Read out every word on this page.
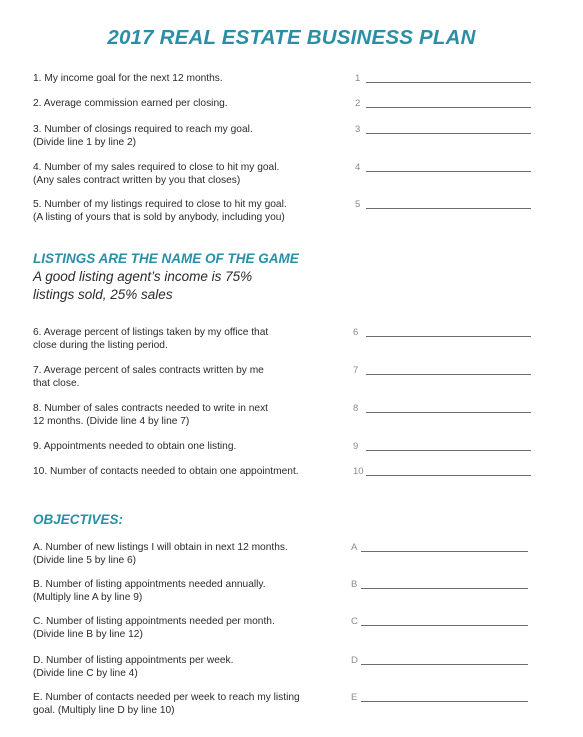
2017 REAL ESTATE BUSINESS PLAN
1. My income goal for the next 12 months.	1
2. Average commission earned per closing.	2
3. Number of closings required to reach my goal.
(Divide line 1 by line 2)
3
4. Number of my sales required to close to hit my goal.
(Any sales contract written by you that closes)
4
5. Number of my listings required to close to hit my goal.
(A listing of yours that is sold by anybody, including you)
5
LISTINGS ARE THE NAME OF THE GAME
A good listing agent’s income is 75%
listings sold, 25% sales
6. Average percent of listings taken by my office that
close during the listing period.
6
7. Average percent of sales contracts written by me
that close.
7
8. Number of sales contracts needed to write in next
12 months. (Divide line 4 by line 7)
8
9. Appointments needed to obtain one listing.	9
10. Number of contacts needed to obtain one appointment.	10
OBJECTIVES:
A. Number of new listings I will obtain in next 12 months.
(Divide line 5 by line 6)
A
B. Number of listing appointments needed annually.
(Multiply line A by line 9)
B
C. Number of listing appointments needed per month.
(Divide line B by line 12)
C
D. Number of listing appointments per week.
(Divide line C by line 4)
D
E. Number of contacts needed per week to reach my listing
goal. (Multiply line D by line 10)
E
